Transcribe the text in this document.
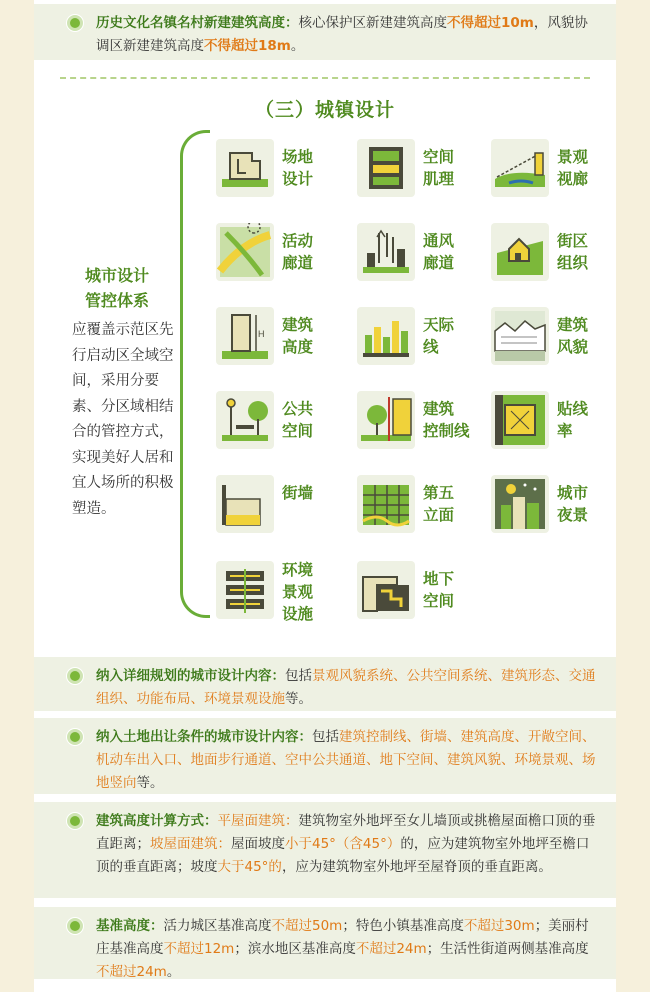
历史文化名镇名村新建建筑高度：核心保护区新建建筑高度不得超过10m，风貌协调区新建建筑高度不得超过18m。
（三）城镇设计
城市设计
管控体系
应覆盖示范区先行启动区全域空间，采用分要素、分区域相结合的管控方式，实现美好人居和宜人场所的积极塑造。
场地
设计
空间
肌理
景观
视廊
活动
廊道
通风
廊道
街区
组织
H 建筑
高度
天际
线
建筑
风貌
公共
空间
建筑
控制线
贴线
率
街墙	第五
立面
城市
夜景
环境
景观
设施
地下
空间
纳入详细规划的城市设计内容：包括景观风貌系统、公共空间系统、建筑形态、交通组织、功能布局、环境景观设施等。
纳入土地出让条件的城市设计内容：包括建筑控制线、街墙、建筑高度、开敞空间、机动车出入口、地面步行通道、空中公共通道、地下空间、建筑风貌、环境景观、场地竖向等。
建筑高度计算方式：平屋面建筑：建筑物室外地坪至女儿墙顶或挑檐屋面檐口顶的垂直距离；坡屋面建筑：屋面坡度小于45°（含45°）的，应为建筑物室外地坪至檐口顶的垂直距离；坡度大于45°的，应为建筑物室外地坪至屋脊顶的垂直距离。
基准高度：活力城区基准高度不超过50m；特色小镇基准高度不超过30m；美丽村庄基准高度不超过12m；滨水地区基准高度不超过24m；生活性街道两侧基准高度不超过24m。
